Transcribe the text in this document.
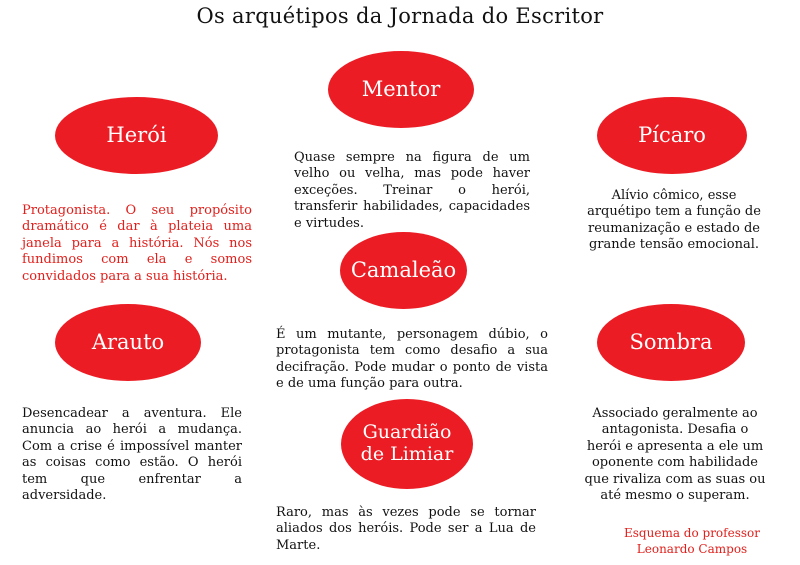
Os arquétipos da Jornada do Escritor
Herói
Protagonista. O seu propósito dramático é dar à plateia uma janela para a história. Nós nos fundimos com ela e somos convidados para a sua história.
Mentor
Quase sempre na figura de um velho ou velha, mas pode haver exceções. Treinar o herói, transferir habilidades, capacidades e virtudes.
Pícaro
Alívio cômico, esse arquétipo tem a função de reumanização e estado de grande tensão emocional.
Camaleão
É um mutante, personagem dúbio, o protagonista tem como desafio a sua decifração. Pode mudar o ponto de vista e de uma função para outra.
Arauto
Desencadear a aventura. Ele anuncia ao herói a mudança. Com a crise é impossível manter as coisas como estão. O herói tem que enfrentar a adversidade.
Sombra
Associado geralmente ao antagonista. Desafia o herói e apresenta a ele um oponente com habilidade que rivaliza com as suas ou até mesmo o superam.
Guardião de Limiar
Raro, mas às vezes pode se tornar aliados dos heróis. Pode ser a Lua de Marte.
Esquema do professor Leonardo Campos
